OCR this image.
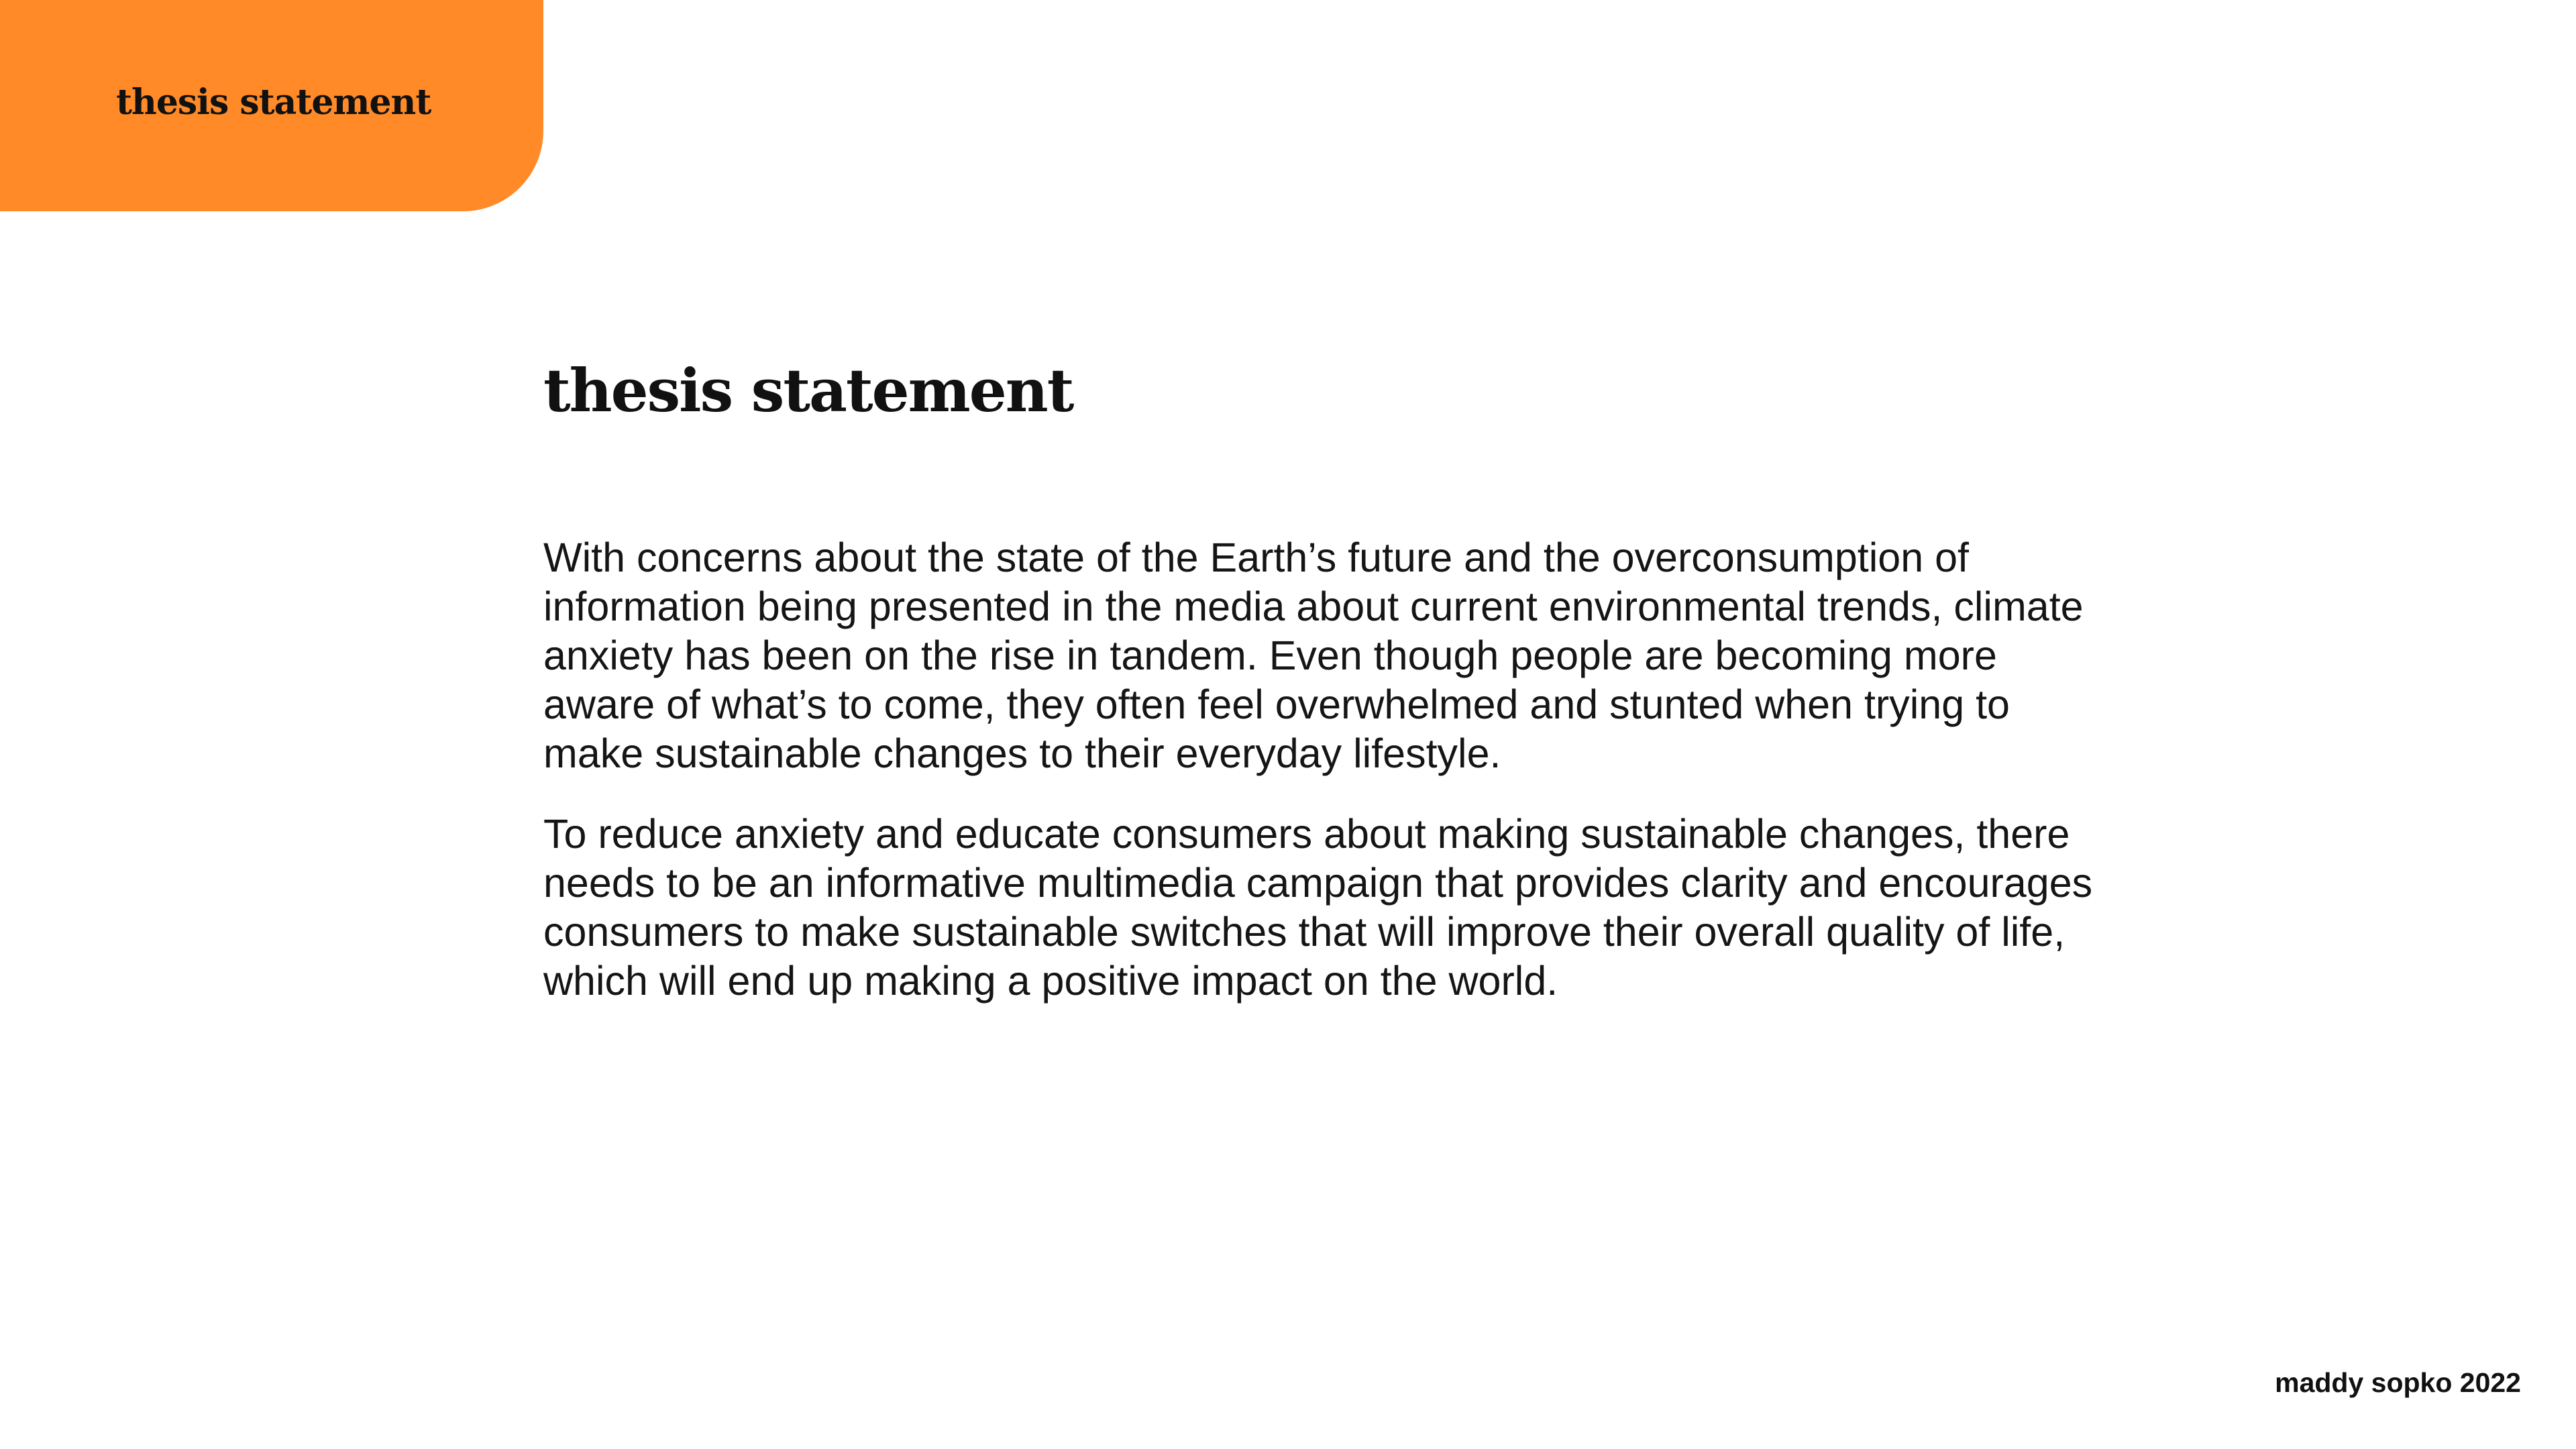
thesis statement
thesis statement

With concerns about the state of the Earth’s future and the overconsumption of information being presented in the media about current environmental trends, climate anxiety has been on the rise in tandem. Even though people are becoming more aware of what’s to come, they often feel overwhelmed and stunted when trying to make sustainable changes to their everyday lifestyle.

To reduce anxiety and educate consumers about making sustainable changes, there needs to be an informative multimedia campaign that provides clarity and encourages consumers to make sustainable switches that will improve their overall quality of life, which will end up making a positive impact on the world.

maddy sopko 2022
